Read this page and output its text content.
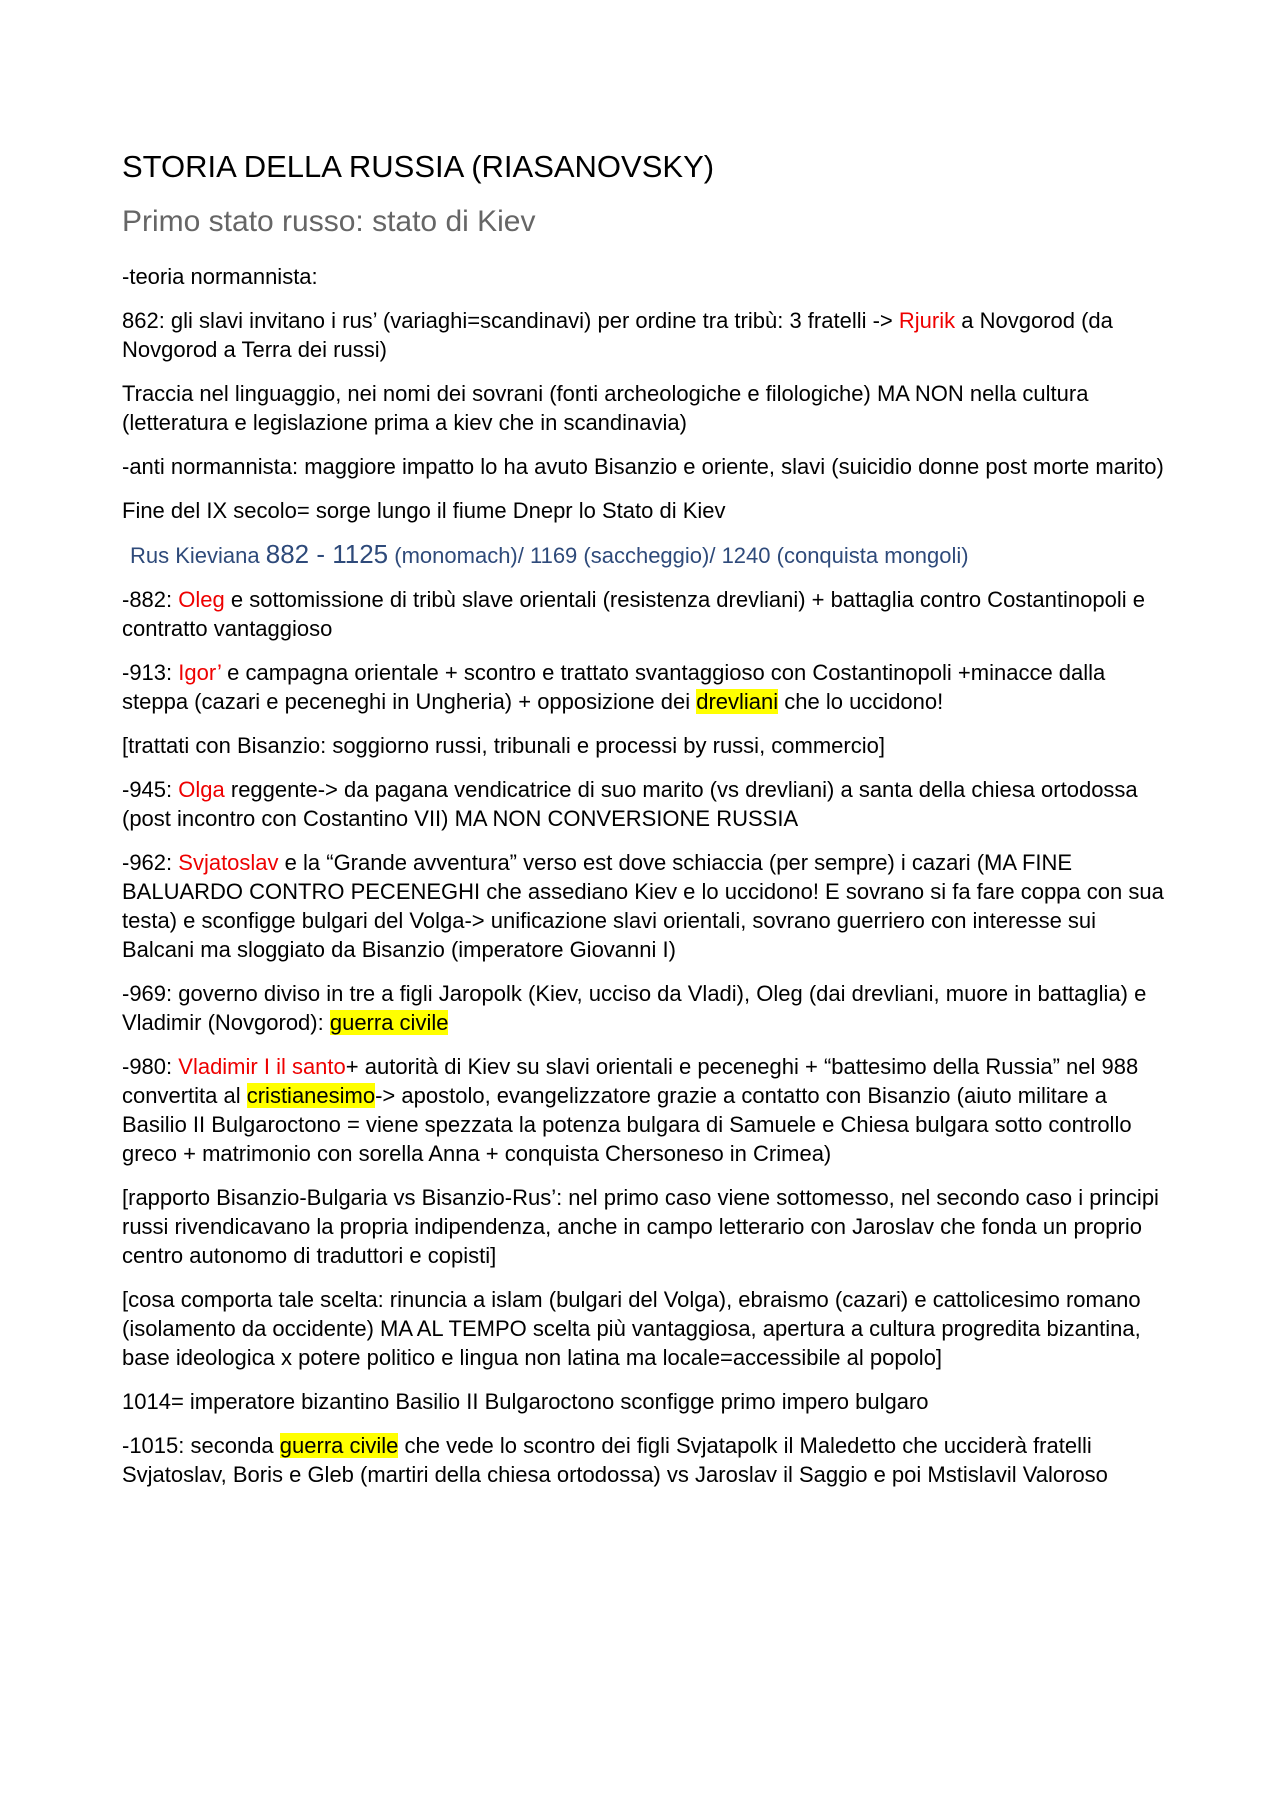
STORIA DELLA RUSSIA (RIASANOVSKY)
Primo stato russo: stato di Kiev

-teoria normannista:

862: gli slavi invitano i rus’ (variaghi=scandinavi) per ordine tra tribù: 3 fratelli -> Rjurik a Novgorod (da Novgorod a Terra dei russi)

Traccia nel linguaggio, nei nomi dei sovrani (fonti archeologiche e filologiche) MA NON nella cultura (letteratura e legislazione prima a kiev che in scandinavia)

-anti normannista: maggiore impatto lo ha avuto Bisanzio e oriente, slavi (suicidio donne post morte marito)

Fine del IX secolo= sorge lungo il fiume Dnepr lo Stato di Kiev

Rus Kieviana 882 - 1125 (monomach)/ 1169 (saccheggio)/ 1240 (conquista mongoli)

-882: Oleg e sottomissione di tribù slave orientali (resistenza drevliani) + battaglia contro Costantinopoli e contratto vantaggioso

-913: Igor’ e campagna orientale + scontro e trattato svantaggioso con Costantinopoli +minacce dalla steppa (cazari e peceneghi in Ungheria) + opposizione dei drevliani che lo uccidono!

[trattati con Bisanzio: soggiorno russi, tribunali e processi by russi, commercio]

-945: Olga reggente-> da pagana vendicatrice di suo marito (vs drevliani) a santa della chiesa ortodossa (post incontro con Costantino VII) MA NON CONVERSIONE RUSSIA

-962: Svjatoslav e la “Grande avventura” verso est dove schiaccia (per sempre) i cazari (MA FINE BALUARDO CONTRO PECENEGHI che assediano Kiev e lo uccidono! E sovrano si fa fare coppa con sua testa) e sconfigge bulgari del Volga-> unificazione slavi orientali, sovrano guerriero con interesse sui Balcani ma sloggiato da Bisanzio (imperatore Giovanni I)

-969: governo diviso in tre a figli Jaropolk (Kiev, ucciso da Vladi), Oleg (dai drevliani, muore in battaglia) e Vladimir (Novgorod): guerra civile

-980: Vladimir I il santo+ autorità di Kiev su slavi orientali e peceneghi + “battesimo della Russia” nel 988 convertita al cristianesimo-> apostolo, evangelizzatore grazie a contatto con Bisanzio (aiuto militare a Basilio II Bulgaroctono = viene spezzata la potenza bulgara di Samuele e Chiesa bulgara sotto controllo greco + matrimonio con sorella Anna + conquista Chersoneso in Crimea)

[rapporto Bisanzio-Bulgaria vs Bisanzio-Rus’: nel primo caso viene sottomesso, nel secondo caso i principi russi rivendicavano la propria indipendenza, anche in campo letterario con Jaroslav che fonda un proprio centro autonomo di traduttori e copisti]

[cosa comporta tale scelta: rinuncia a islam (bulgari del Volga), ebraismo (cazari) e cattolicesimo romano (isolamento da occidente) MA AL TEMPO scelta più vantaggiosa, apertura a cultura progredita bizantina, base ideologica x potere politico e lingua non latina ma locale=accessibile al popolo]

1014= imperatore bizantino Basilio II Bulgaroctono sconfigge primo impero bulgaro

-1015: seconda guerra civile che vede lo scontro dei figli Svjatapolk il Maledetto che ucciderà fratelli Svjatoslav, Boris e Gleb (martiri della chiesa ortodossa) vs Jaroslav il Saggio e poi Mstislavil Valoroso
